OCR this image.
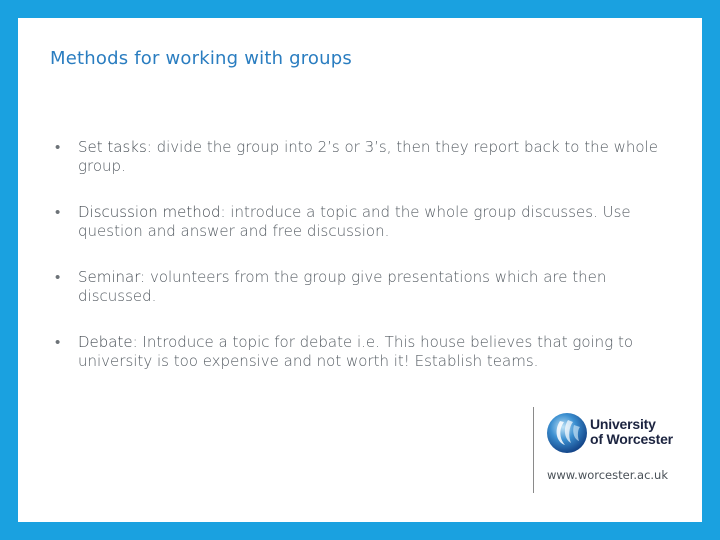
Methods for working with groups
• Set tasks: divide the group into 2’s or 3’s, then they report back to the whole group.
• Discussion method: introduce a topic and the whole group discusses. Use question and answer and free discussion.
• Seminar: volunteers from the group give presentations which are then discussed.
• Debate: Introduce a topic for debate i.e. This house believes that going to university is too expensive and not worth it! Establish teams.
University
of Worcester
www.worcester.ac.uk
